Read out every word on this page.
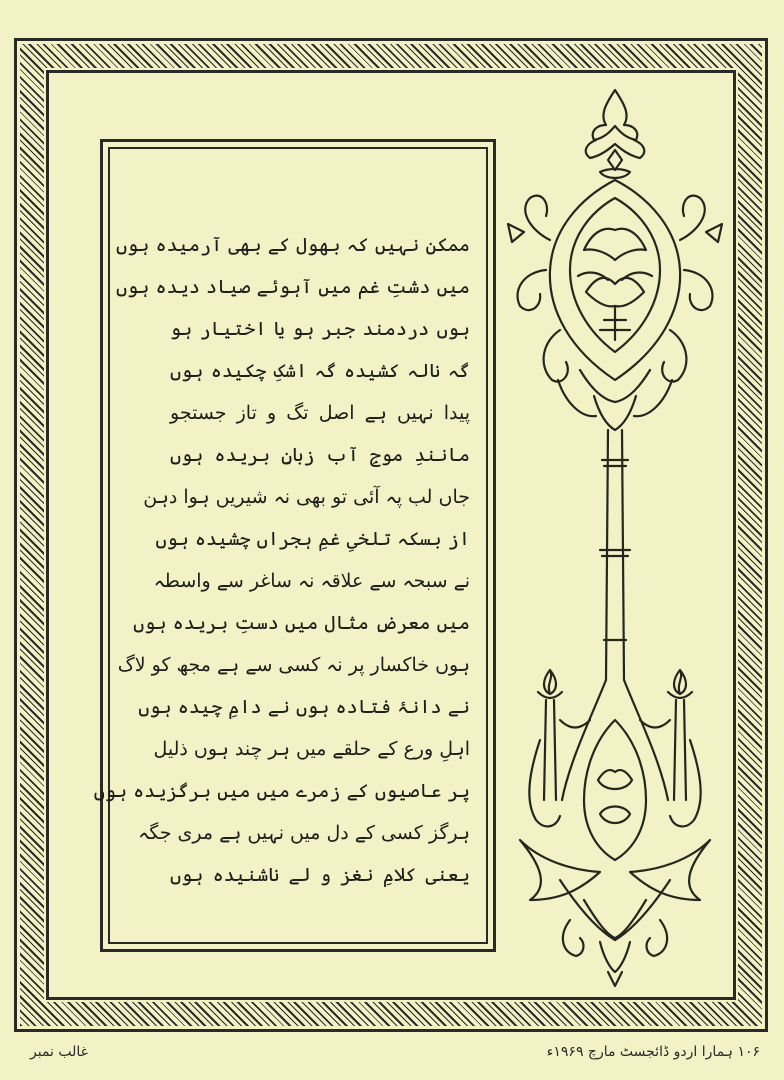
ممکن نہیں کہ بھول کے بھی آرمیدہ ہوں
میں دشتِ غم میں آہوئے صیاد دیدہ ہوں
ہوں دردمند جبر ہو یا اختیار ہو
گہ نالہ کشیدہ گہ اشکِ چکیدہ ہوں
پیدا نہیں ہے اصل تگ و تاز جستجو
مانندِ موجِ آب زبانِ بریدہ ہوں
جاں لب پہ آئی تو بھی نہ شیریں ہوا دہن
از بسکہ تلخیِ غمِ ہجراں چشیدہ ہوں
نے سبحہ سے علاقہ نہ ساغر سے واسطہ
میں معرضِ مثال میں دستِ بریدہ ہوں
ہوں خاکسار پر نہ کسی سے ہے مجھ کو لاگ
نے دانۂ فتادہ ہوں نے دامِ چیدہ ہوں
اہلِ ورع کے حلقے میں ہر چند ہوں ذلیل
پر عاصیوں کے زمرے میں میں برگزیدہ ہوں
ہرگز کسی کے دل میں نہیں ہے مری جگہ
یعنی کلامِ نغز و لے ناشنیدہ ہوں
غالب نمبر	۱۰۶ ہمارا اردو ڈائجسٹ مارچ ۱۹۶۹ء
